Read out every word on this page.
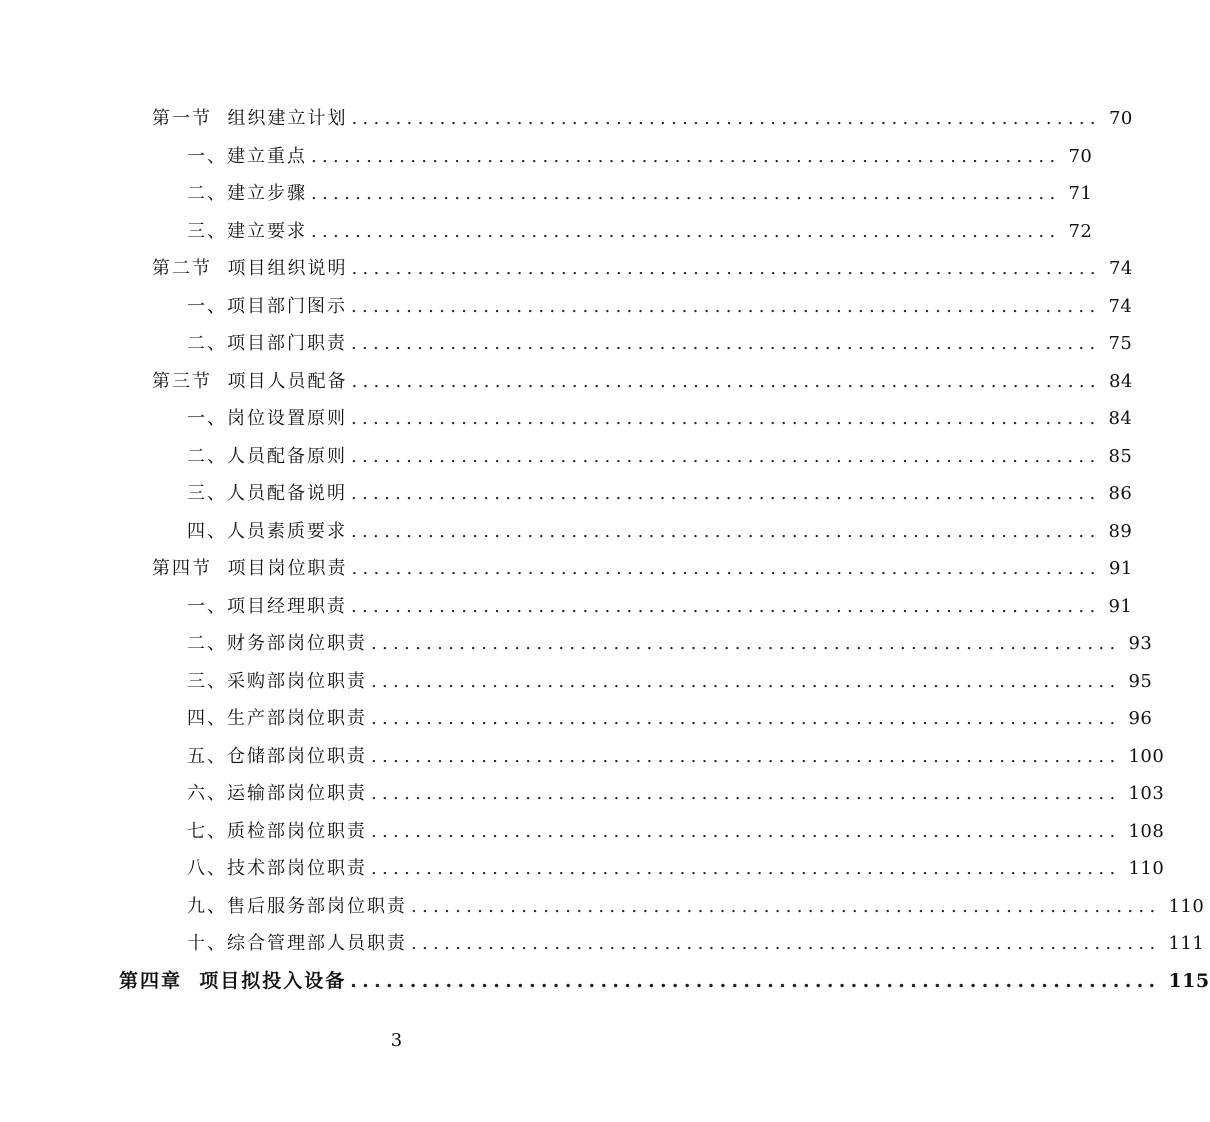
第一节  组织建立计划 .................................................................... 70
一、建立重点 .................................................................... 70
二、建立步骤 .................................................................... 71
三、建立要求 .................................................................... 72
第二节  项目组织说明 .................................................................... 74
一、项目部门图示 .................................................................... 74
二、项目部门职责 .................................................................... 75
第三节  项目人员配备 .................................................................... 84
一、岗位设置原则 .................................................................... 84
二、人员配备原则 .................................................................... 85
三、人员配备说明 .................................................................... 86
四、人员素质要求 .................................................................... 89
第四节  项目岗位职责 .................................................................... 91
一、项目经理职责 .................................................................... 91
二、财务部岗位职责 .................................................................... 93
三、采购部岗位职责 .................................................................... 95
四、生产部岗位职责 .................................................................... 96
五、仓储部岗位职责 .................................................................... 100
六、运输部岗位职责 .................................................................... 103
七、质检部岗位职责 .................................................................... 108
八、技术部岗位职责 .................................................................... 110
九、售后服务部岗位职责 .................................................................... 110
十、综合管理部人员职责 .................................................................... 111
第四章  项目拟投入设备 .................................................................... 115
3
